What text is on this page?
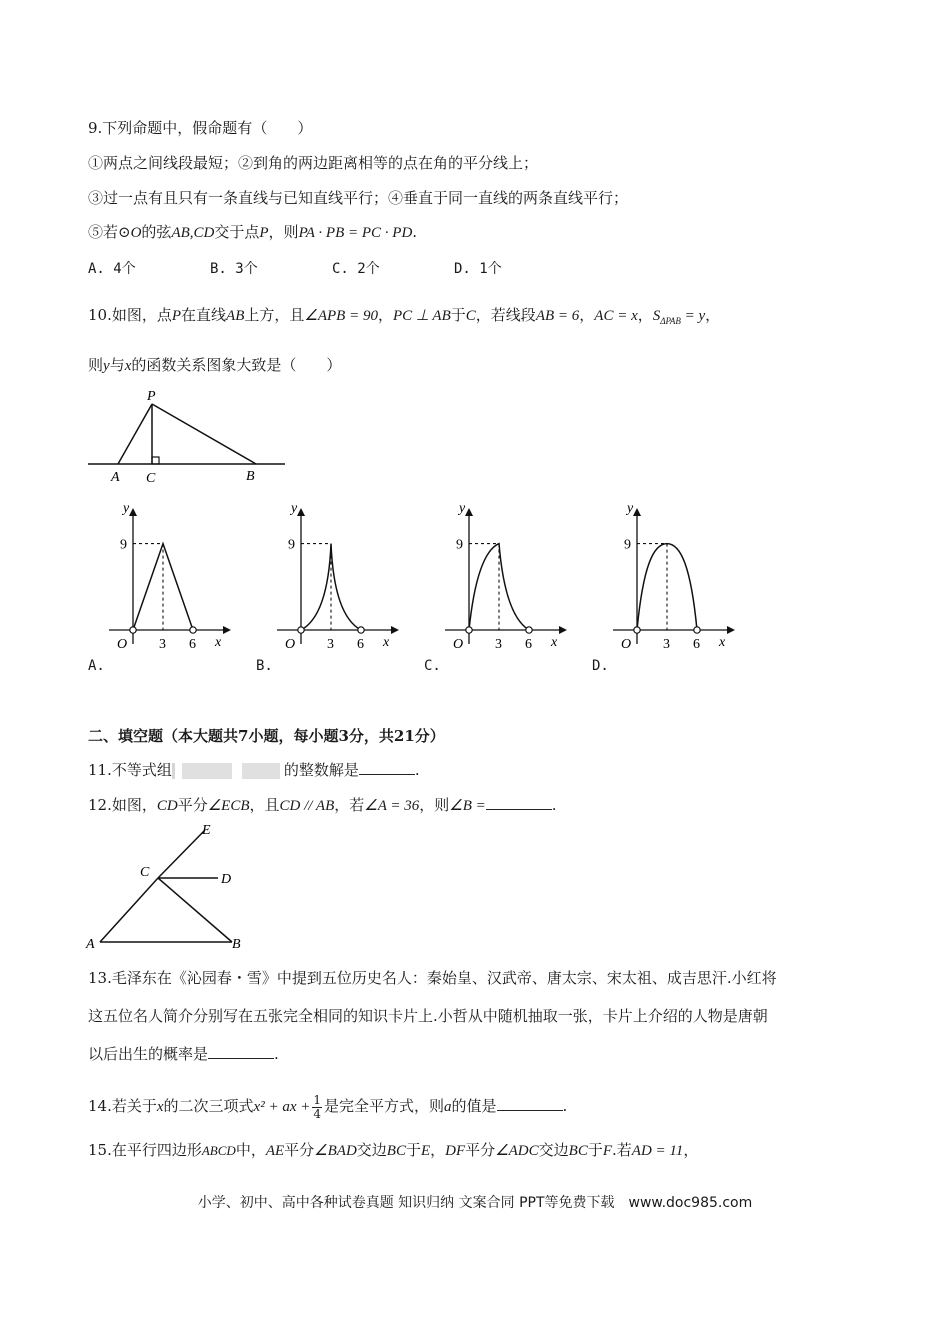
9.下列命题中，假命题有（　　）
①两点之间线段最短；②到角的两边距离相等的点在角的平分线上；
③过一点有且只有一条直线与已知直线平行；④垂直于同一直线的两条直线平行；
⑤若⊙O的弦AB,CD交于点P，则PA · PB = PC · PD.
A. 4个	B. 3个	C. 2个	D. 1个
10.如图，点P在直线AB上方，且∠APB = 90，PC ⊥ AB于C，若线段AB = 6，AC = x，$S_{\Delta PAB} = y$，
则y与x的函数关系图象大致是（　　）
P
A C	B
y
x
O
9
3 6
y
x
O
9
3 6
y
x
O
9
3 6
y
x
O
9
3 6
A.	B.	C.	D.
二、填空题（本大题共7小题，每小题3分，共21分）
11.不等式组	的整数解是	.
12.如图，CD平分∠ECB，且CD // AB，若∠A = 36，则∠B =	.
E
C	D
A	B
13.毛泽东在《沁园春・雪》中提到五位历史名人：秦始皇、汉武帝、唐太宗、宋太祖、成吉思汗.小红将
这五位名人简介分别写在五张完全相同的知识卡片上.小哲从中随机抽取一张，卡片上介绍的人物是唐朝
以后出生的概率是	.
14.若关于x的二次三项式x² + ax + $\frac{1}{4}$ 是完全平方式，则a的值是	.
15.在平行四边形ABCD中，AE平分∠BAD交边BC于E，DF平分∠ADC交边BC于F.若AD = 11，
小学、初中、高中各种试卷真题 知识归纳 文案合同 PPT等免费下载　www.doc985.com
